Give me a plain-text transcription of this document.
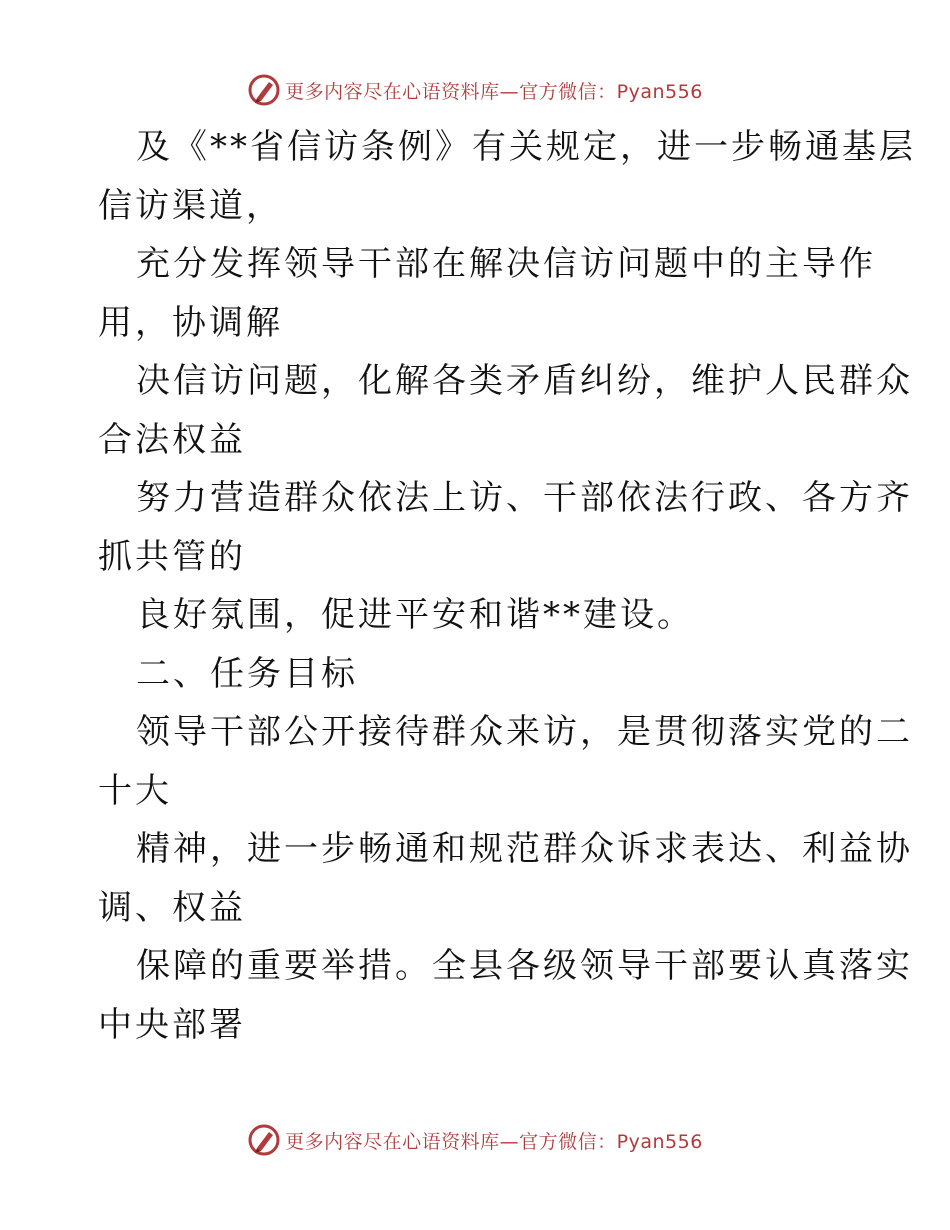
更多内容尽在心语资料库—官方微信：Pyan556
及《**省信访条例》有关规定，进一步畅通基层
信访渠道，
充分发挥领导干部在解决信访问题中的主导作
用，协调解
决信访问题，化解各类矛盾纠纷，维护人民群众
合法权益
努力营造群众依法上访、干部依法行政、各方齐
抓共管的
良好氛围，促进平安和谐**建设。
二、任务目标
领导干部公开接待群众来访，是贯彻落实党的二
十大
精神，进一步畅通和规范群众诉求表达、利益协
调、权益
保障的重要举措。全县各级领导干部要认真落实
中央部署
更多内容尽在心语资料库—官方微信：Pyan556
